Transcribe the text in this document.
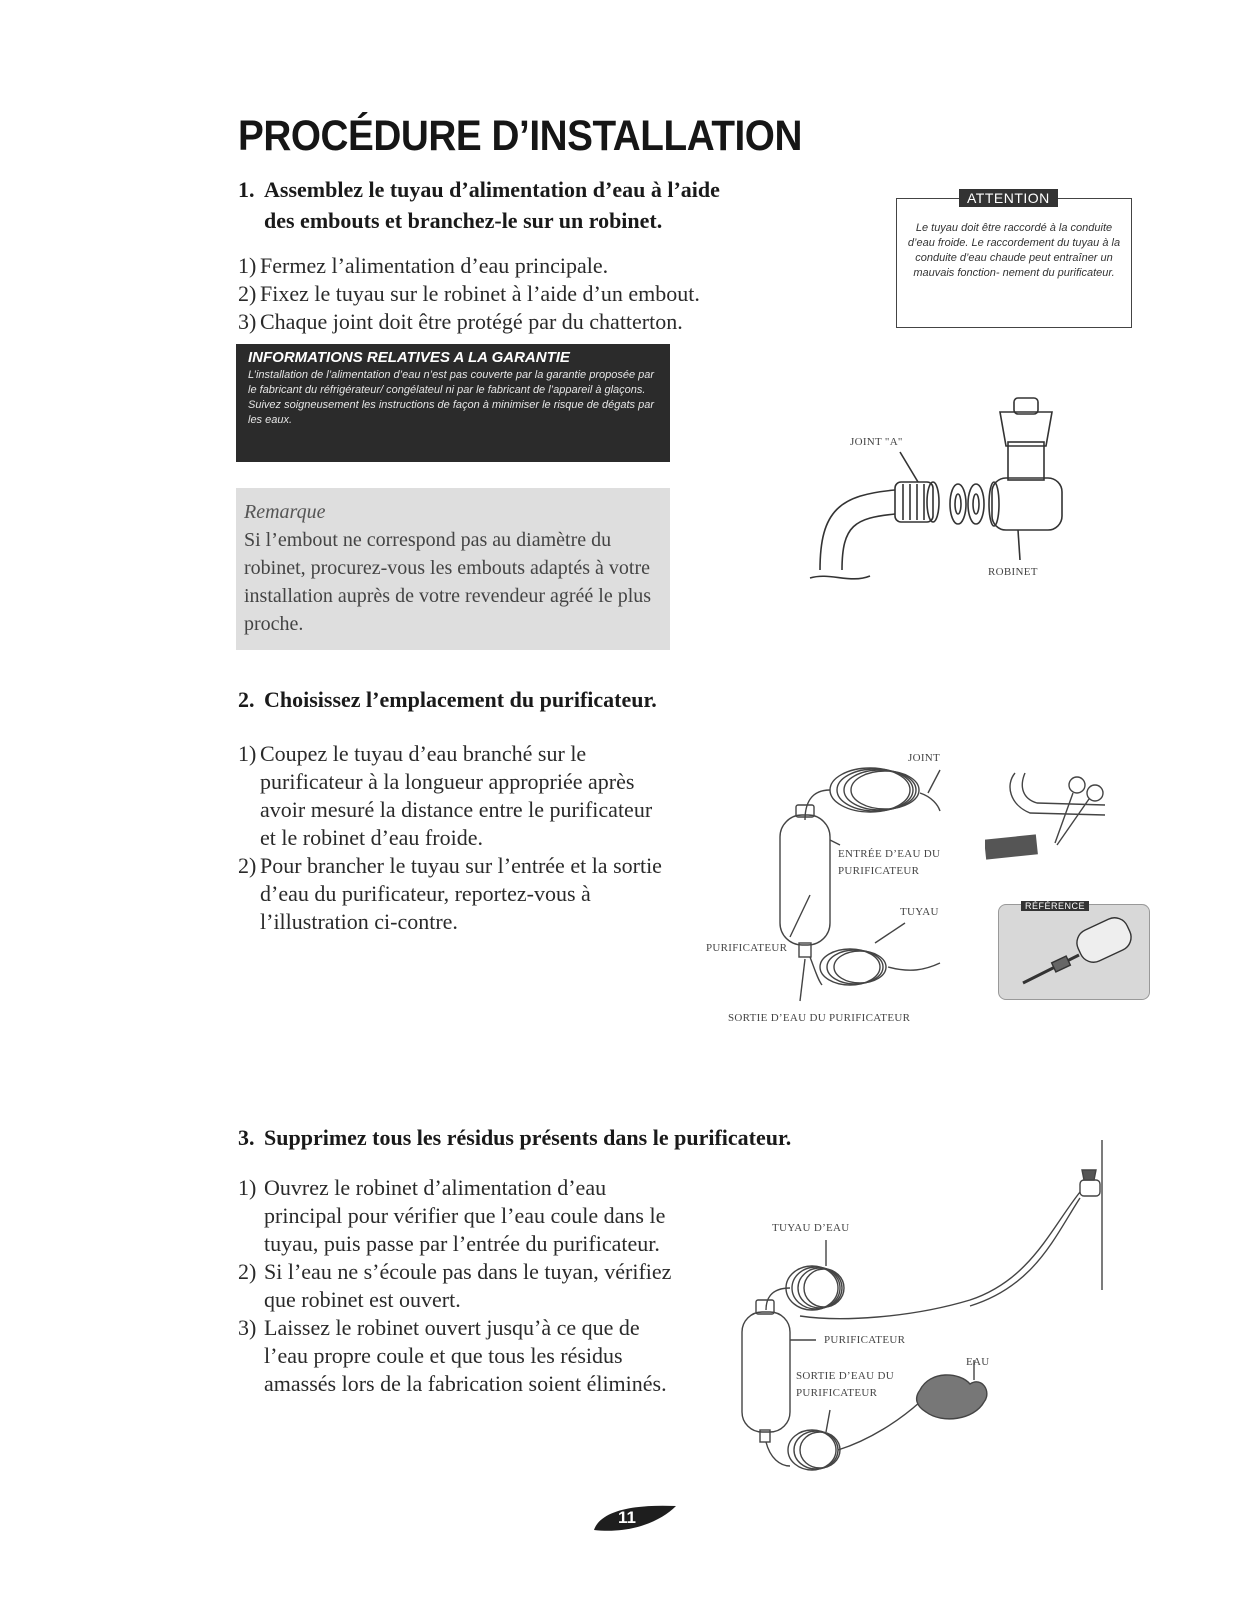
PROCÉDURE D’INSTALLATION

1. Assemblez le tuyau d’alimentation d’eau à l’aide
des embouts et branchez-le sur un robinet.

1) Fermez l’alimentation d’eau principale.
2) Fixez le tuyau sur le robinet à l’aide d’un embout.
3) Chaque joint doit être protégé par du chatterton.

INFORMATIONS RELATIVES A LA GARANTIE

L’installation de l’alimentation d’eau n’est pas couverte par la garantie proposée par le fabricant du réfrigérateur/ congélateul ni par le fabricant de l’appareil à glaçons. Suivez soigneusement les instructions de façon à minimiser le risque de dégats par les eaux.

ATTENTION

Le tuyau doit être raccordé à la conduite d’eau froide. Le raccordement du tuyau à la conduite d’eau chaude peut entraîner un mauvais fonction- nement du purificateur.

Remarque

Si l’embout ne correspond pas au diamètre du robinet, procurez-vous les embouts adaptés à votre installation auprès de votre revendeur agréé le plus proche.

JOINT "A"
ROBINET

2. Choisissez l’emplacement du purificateur.

1) Coupez le tuyau d’eau branché sur le purificateur à la longueur appropriée après avoir mesuré la distance entre le purificateur et le robinet d’eau froide.
2) Pour brancher le tuyau sur l’entrée et la sortie d’eau du purificateur, reportez-vous à l’illustration ci-contre.
JOINT
ENTRÉE D’EAU DU PURIFICATEUR
TUYAU
PURIFICATEUR
SORTIE D’EAU DU PURIFICATEUR
RÉFÉRENCE

3. Supprimez tous les résidus présents dans le purificateur.

1) Ouvrez le robinet d’alimentation d’eau principal pour vérifier que l’eau coule dans le tuyau, puis passe par l’entrée du purificateur.
2) Si l’eau ne s’écoule pas dans le tuyan, vérifiez que robinet est ouvert.
3) Laissez le robinet ouvert jusqu’à ce que de l’eau propre coule et que tous les résidus amassés lors de la fabrication soient éliminés.
TUYAU D’EAU
PURIFICATEUR
SORTIE D’EAU DU PURIFICATEUR
EAU
11
